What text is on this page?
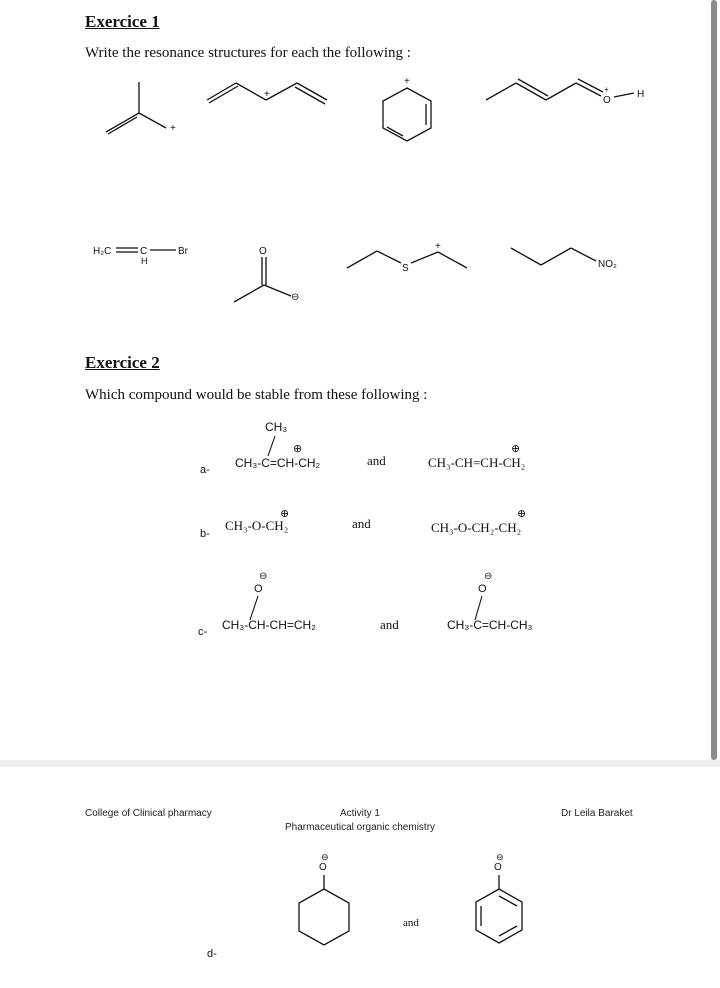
Exercice 1
Write the resonance structures for each the following :
+
+
+
+
O
H
H₂C	C
H
Br	O
⊖
S
+
NO₂
Exercice 2
Which compound would be stable from these following :
a-
CH₃
⊕
CH₃-C=CH-CH₂	and
⊕
CH₃-CH=CH-CH₂
b-
⊕
CH₃-O-CH₂	and
⊕
CH₃-O-CH₂-CH₂
c-
⊖
O
CH₃-CH-CH=CH₂	and
⊖
O
CH₃-C=CH-CH₃
College of Clinical pharmacy	Activity 1
Pharmaceutical organic chemistry
Dr Leila Baraket
⊖
O
⊖
O
and
d-
